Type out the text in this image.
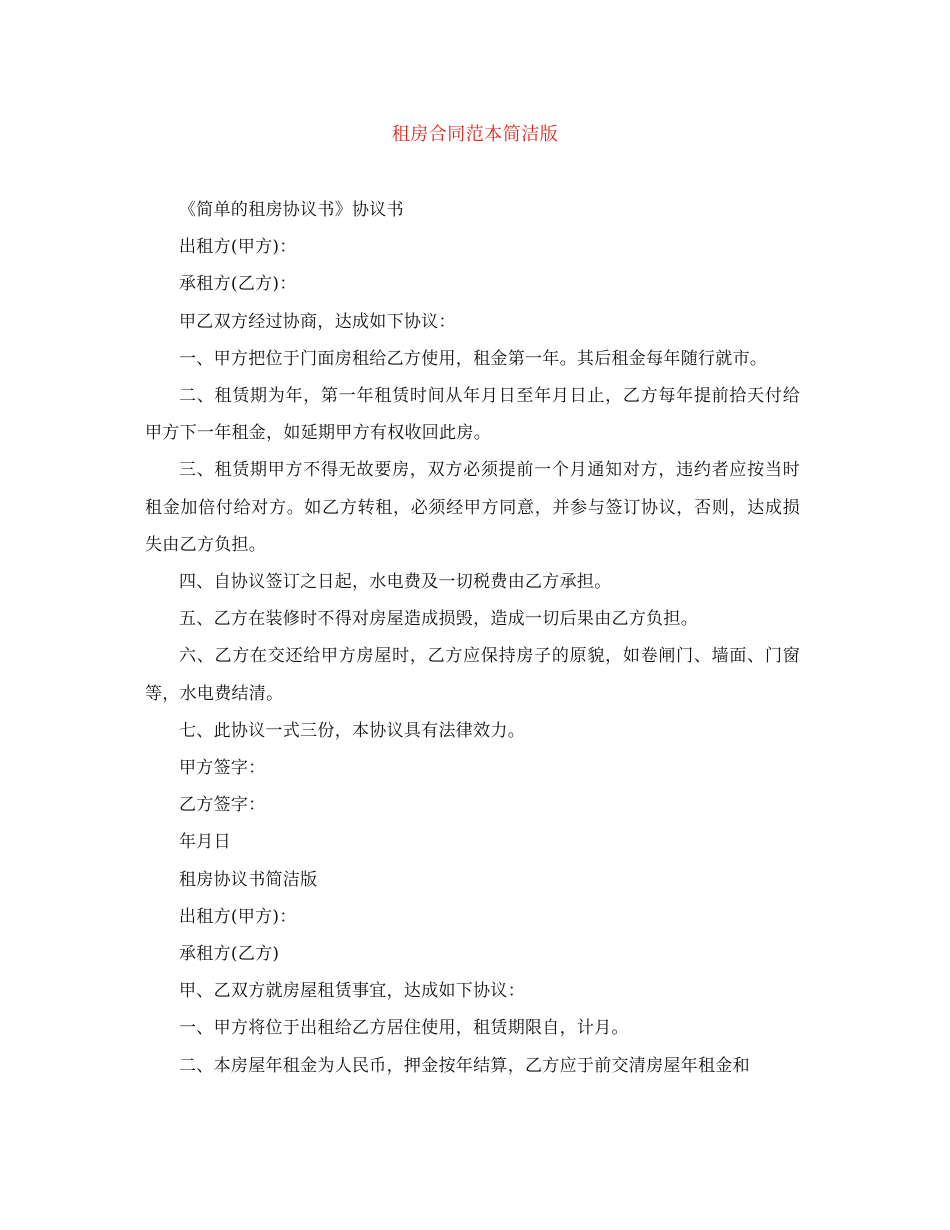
租房合同范本简洁版

《简单的租房协议书》协议书

出租方(甲方)：

承租方(乙方)：

甲乙双方经过协商，达成如下协议：

一、甲方把位于门面房租给乙方使用，租金第一年。其后租金每年随行就市。

二、租赁期为年，第一年租赁时间从年月日至年月日止，乙方每年提前拾天付给甲方下一年租金，如延期甲方有权收回此房。

三、租赁期甲方不得无故要房，双方必须提前一个月通知对方，违约者应按当时租金加倍付给对方。如乙方转租，必须经甲方同意，并参与签订协议，否则，达成损失由乙方负担。

四、自协议签订之日起，水电费及一切税费由乙方承担。

五、乙方在装修时不得对房屋造成损毁，造成一切后果由乙方负担。

六、乙方在交还给甲方房屋时，乙方应保持房子的原貌，如卷闸门、墙面、门窗等，水电费结清。

七、此协议一式三份，本协议具有法律效力。

甲方签字：

乙方签字：

年月日

租房协议书简洁版

出租方(甲方)：

承租方(乙方)

甲、乙双方就房屋租赁事宜，达成如下协议：

一、甲方将位于出租给乙方居住使用，租赁期限自，计月。

二、本房屋年租金为人民币，押金按年结算，乙方应于前交清房屋年租金和
